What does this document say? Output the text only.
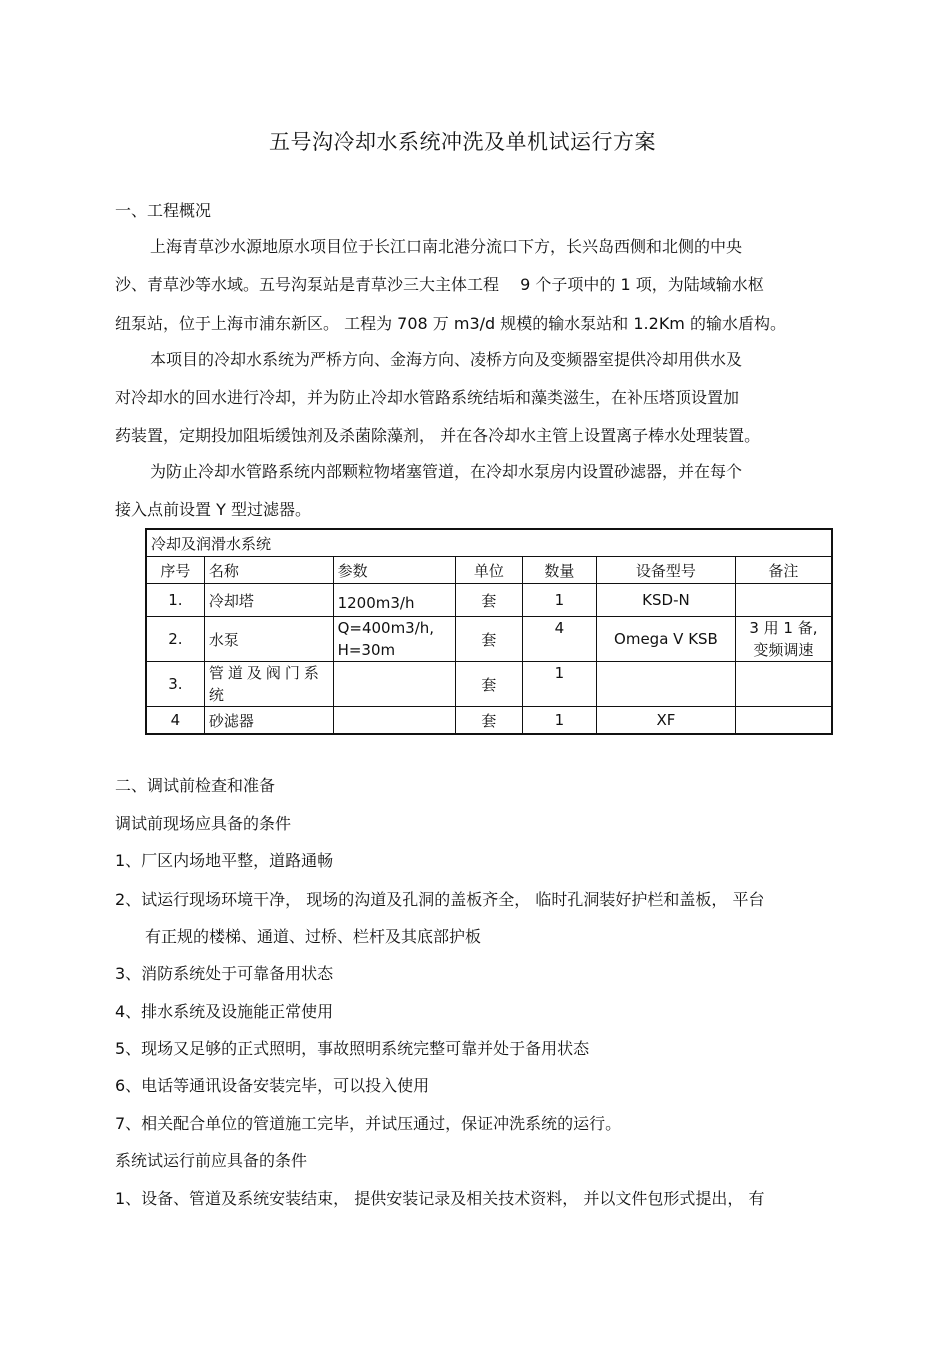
五号沟冷却水系统冲洗及单机试运行方案
一、工程概况
上海青草沙水源地原水项目位于长江口南北港分流口下方，长兴岛西侧和北侧的中央
沙、青草沙等水域。五号沟泵站是青草沙三大主体工程　 9 个子项中的 1 项，为陆域输水枢
纽泵站，位于上海市浦东新区。 工程为 708 万 m3/d 规模的输水泵站和 1.2Km 的输水盾构。
本项目的冷却水系统为严桥方向、金海方向、凌桥方向及变频器室提供冷却用供水及
对冷却水的回水进行冷却，并为防止冷却水管路系统结垢和藻类滋生，在补压塔顶设置加
药装置，定期投加阻垢缓蚀剂及杀菌除藻剂， 并在各冷却水主管上设置离子棒水处理装置。
为防止冷却水管路系统内部颗粒物堵塞管道，在冷却水泵房内设置砂滤器，并在每个
接入点前设置 Y 型过滤器。
冷却及润滑水系统						
序号	名称	参数	单位	数量	设备型号	备注
1.	冷却塔	1200m3/h	套	1	KSD-N	
2.	水泵	Q=400m3/h,
H=30m	套	4	Omega V KSB	3 用 1 备,
变频调速
3.	管道及阀门系统		套	1		
4	砂滤器		套	1	XF	
二、调试前检查和准备
调试前现场应具备的条件
1、厂区内场地平整，道路通畅
2、试运行现场环境干净， 现场的沟道及孔洞的盖板齐全， 临时孔洞装好护栏和盖板， 平台
有正规的楼梯、通道、过桥、栏杆及其底部护板
3、消防系统处于可靠备用状态
4、排水系统及设施能正常使用
5、现场又足够的正式照明，事故照明系统完整可靠并处于备用状态
6、电话等通讯设备安装完毕，可以投入使用
7、相关配合单位的管道施工完毕，并试压通过，保证冲洗系统的运行。
系统试运行前应具备的条件
1、设备、管道及系统安装结束， 提供安装记录及相关技术资料， 并以文件包形式提出， 有
